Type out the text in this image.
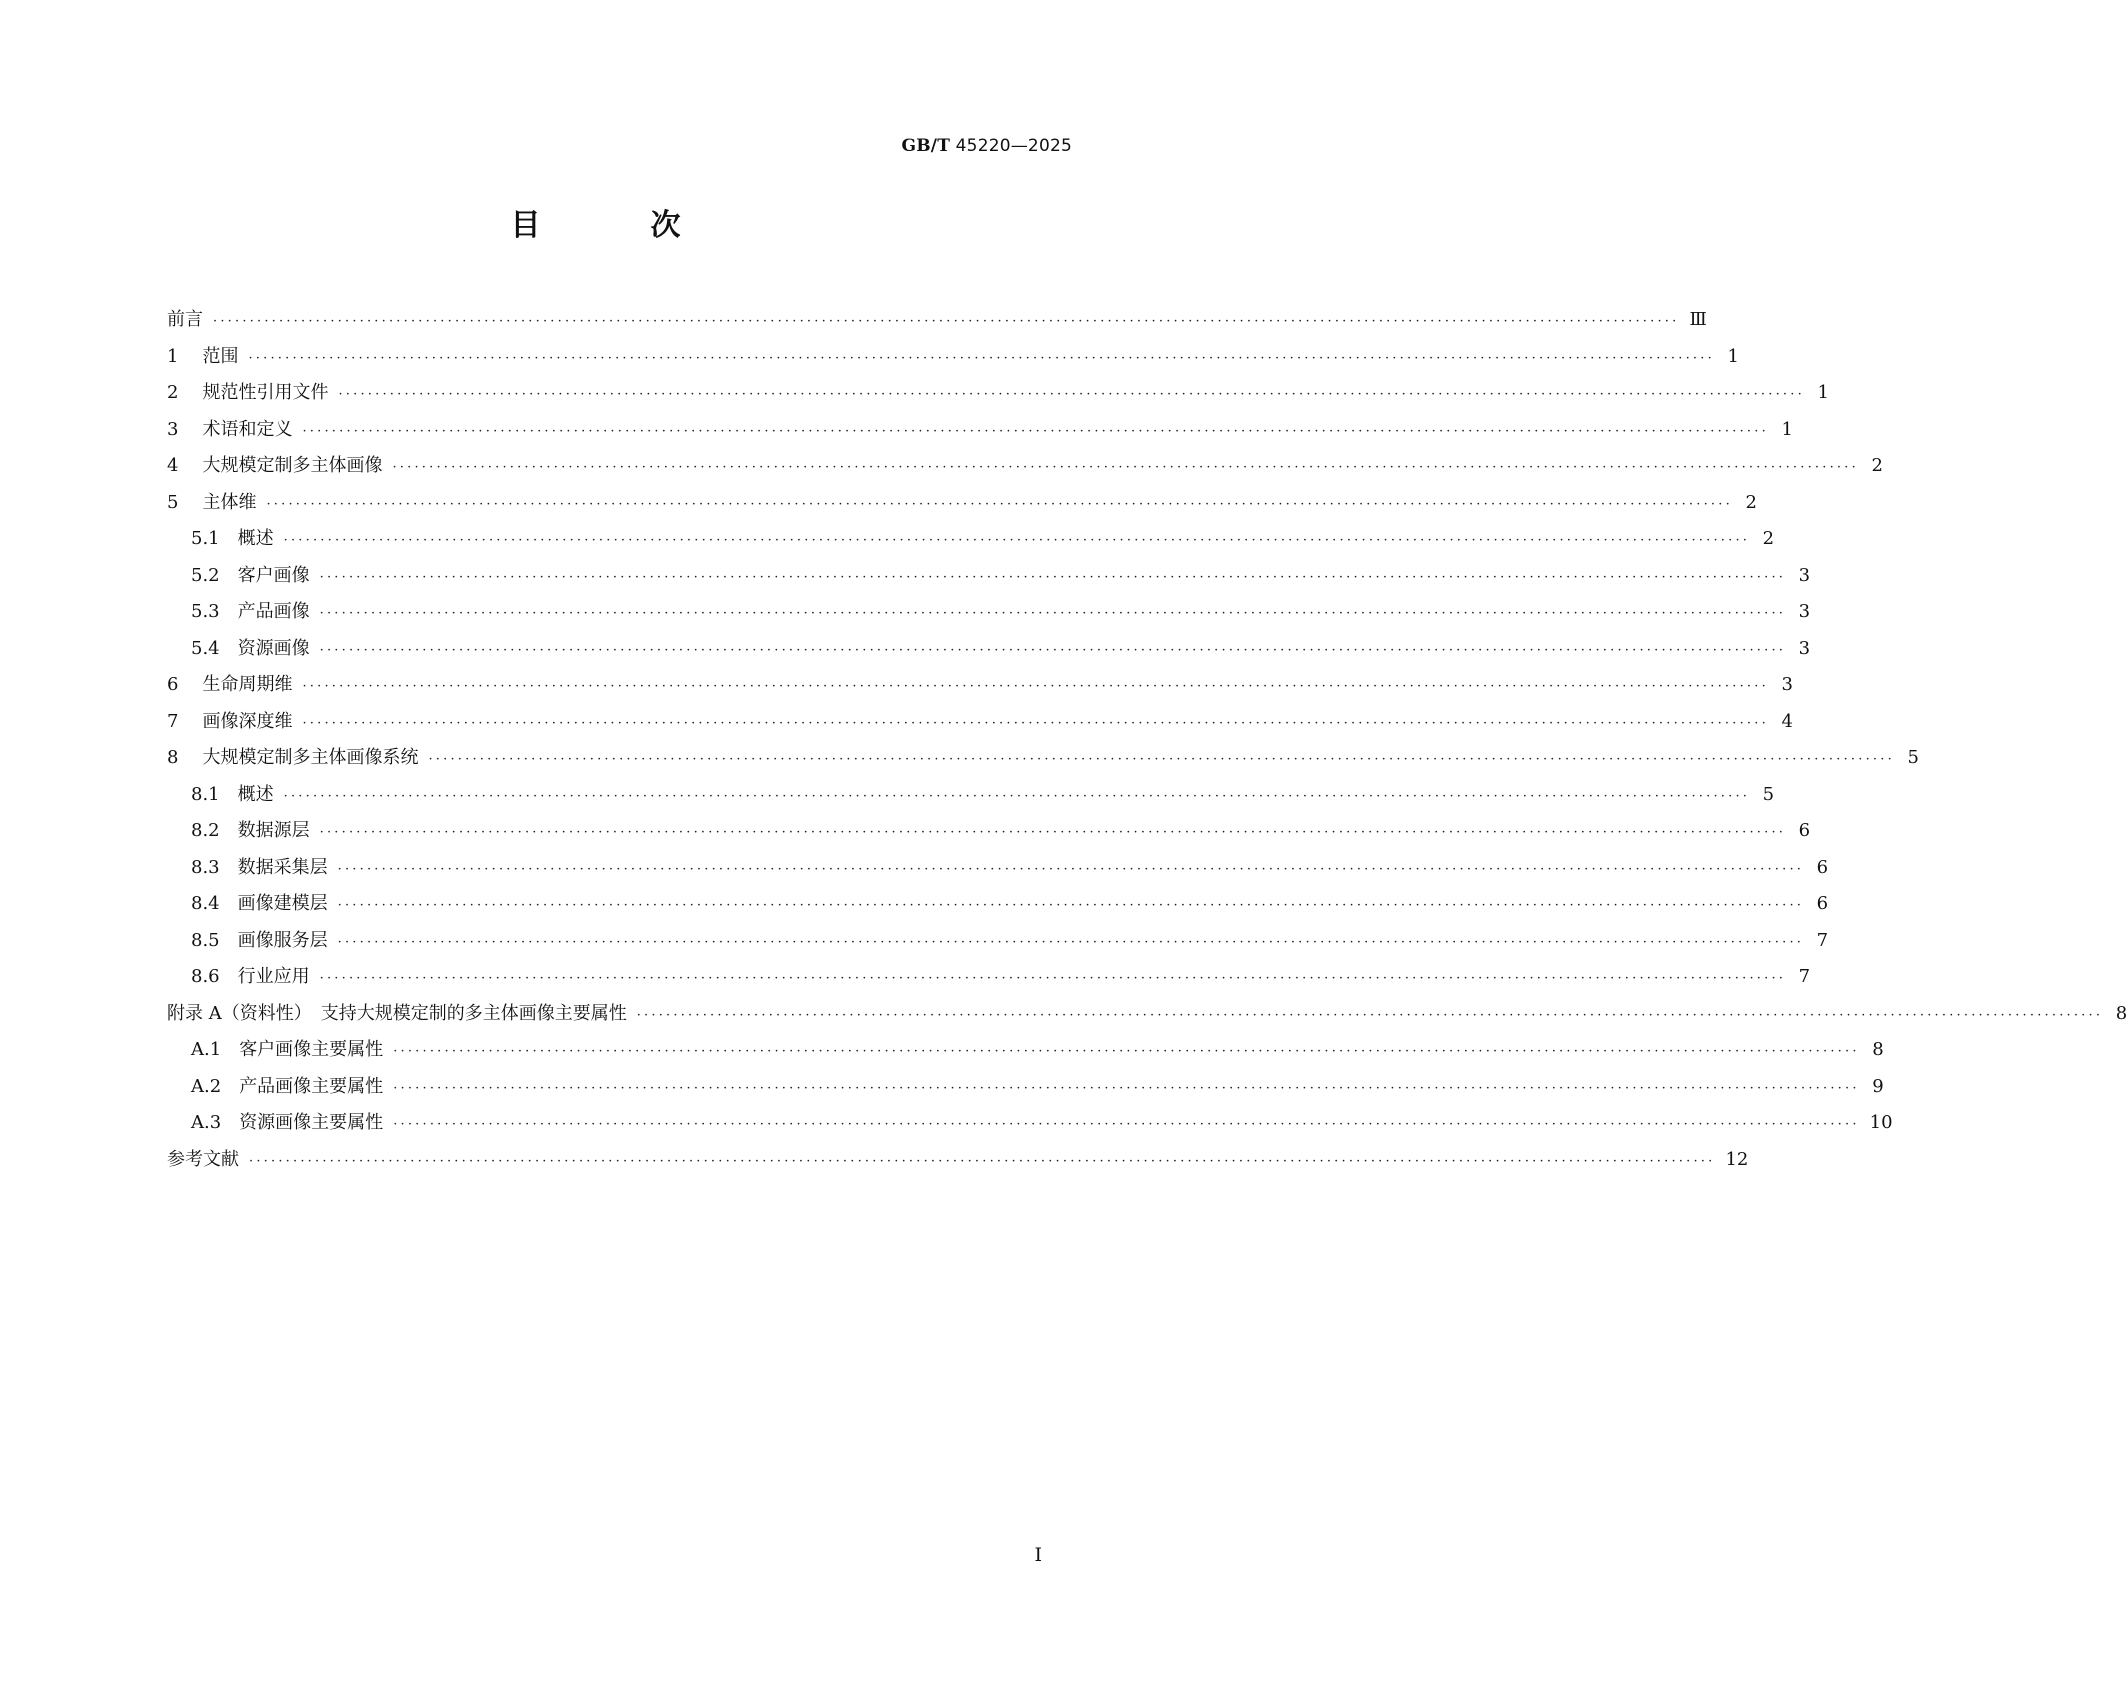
GB/T 45220—2025
目　次
前言 ········································································································································································································ Ⅲ
1 范围 ········································································································································································································ 1
2 规范性引用文件 ········································································································································································································ 1
3 术语和定义 ········································································································································································································ 1
4 大规模定制多主体画像 ········································································································································································································ 2
5 主体维 ········································································································································································································ 2
5.1 概述 ········································································································································································································ 2
5.2 客户画像 ········································································································································································································ 3
5.3 产品画像 ········································································································································································································ 3
5.4 资源画像 ········································································································································································································ 3
6 生命周期维 ········································································································································································································ 3
7 画像深度维 ········································································································································································································ 4
8 大规模定制多主体画像系统 ········································································································································································································ 5
8.1 概述 ········································································································································································································ 5
8.2 数据源层 ········································································································································································································ 6
8.3 数据采集层 ········································································································································································································ 6
8.4 画像建模层 ········································································································································································································ 6
8.5 画像服务层 ········································································································································································································ 7
8.6 行业应用 ········································································································································································································ 7
附录 A（资料性）　支持大规模定制的多主体画像主要属性 ········································································································································································································ 8
A.1 客户画像主要属性 ········································································································································································································ 8
A.2 产品画像主要属性 ········································································································································································································ 9
A.3 资源画像主要属性 ········································································································································································································ 10
参考文献 ········································································································································································································ 12
I
